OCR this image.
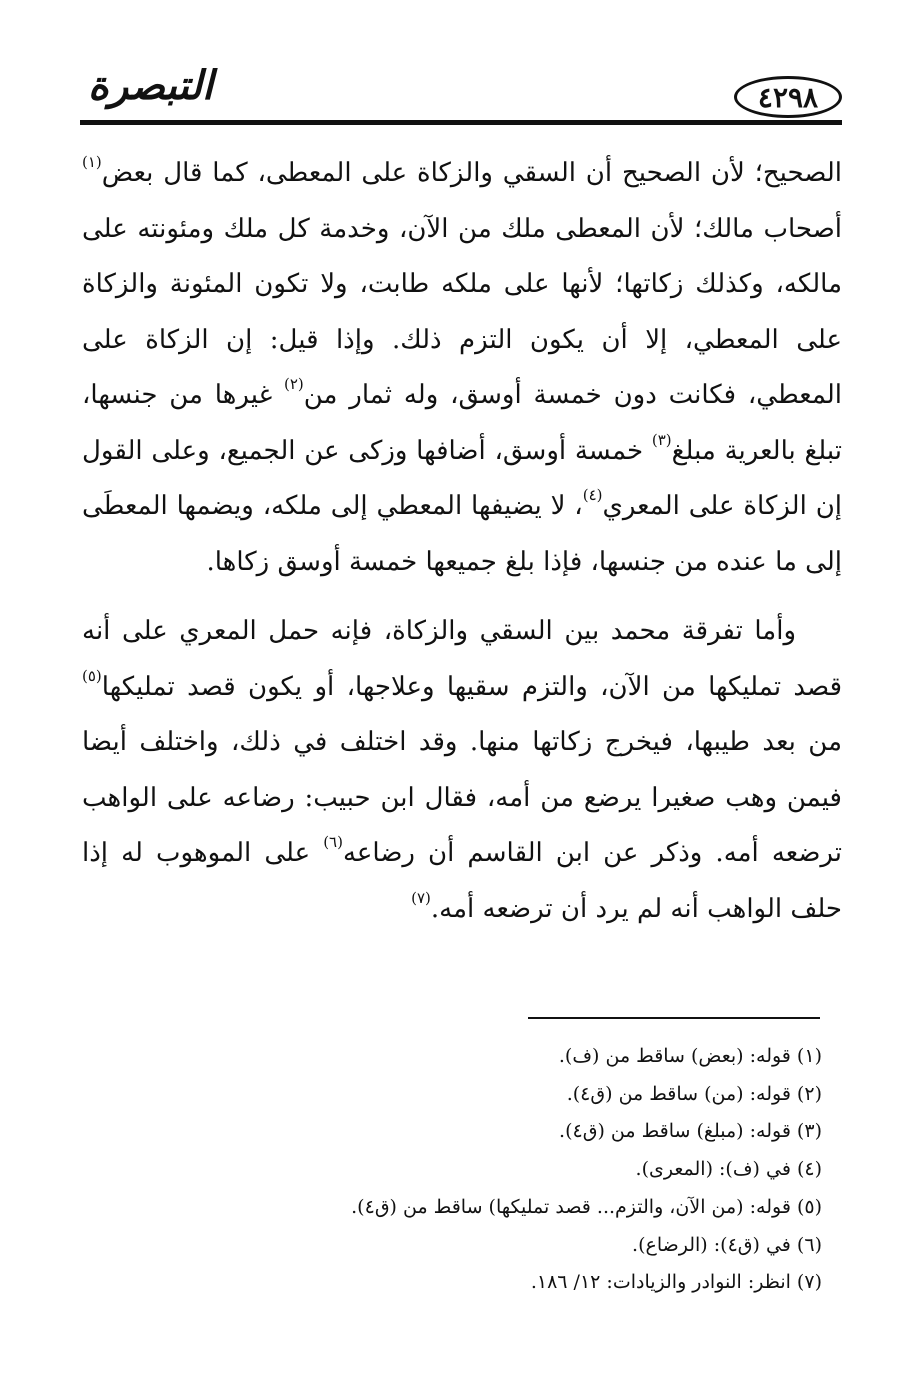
التبصرة	٤٢٩٨

الصحيح؛ لأن الصحيح أن السقي والزكاة على المعطى، كما قال بعض$^{(١)}$ أصحاب مالك؛ لأن المعطى ملك من الآن، وخدمة كل ملك ومئونته على مالكه، وكذلك زكاتها؛ لأنها على ملكه طابت، ولا تكون المئونة والزكاة على المعطي، إلا أن يكون التزم ذلك. وإذا قيل: إن الزكاة على المعطي، فكانت دون خمسة أوسق، وله ثمار من$^{(٢)}$ غيرها من جنسها، تبلغ بالعرية مبلغ$^{(٣)}$ خمسة أوسق، أضافها وزكى عن الجميع، وعلى القول إن الزكاة على المعري$^{(٤)}$، لا يضيفها المعطي إلى ملكه، ويضمها المعطَى إلى ما عنده من جنسها، فإذا بلغ جميعها خمسة أوسق زكاها.

وأما تفرقة محمد بين السقي والزكاة، فإنه حمل المعري على أنه قصد تمليكها من الآن، والتزم سقيها وعلاجها، أو يكون قصد تمليكها$^{(٥)}$ من بعد طيبها، فيخرج زكاتها منها. وقد اختلف في ذلك، واختلف أيضا فيمن وهب صغيرا يرضع من أمه، فقال ابن حبيب: رضاعه على الواهب ترضعه أمه. وذكر عن ابن القاسم أن رضاعه$^{(٦)}$ على الموهوب له إذا حلف الواهب أنه لم يرد أن ترضعه أمه.$^{(٧)}$

(١) قوله: (بعض) ساقط من (ف).
(٢) قوله: (من) ساقط من (ق٤).
(٣) قوله: (مبلغ) ساقط من (ق٤).
(٤) في (ف): (المعرى).
(٥) قوله: (من الآن، والتزم... قصد تمليكها) ساقط من (ق٤).
(٦) في (ق٤): (الرضاع).
(٧) انظر: النوادر والزيادات: ١٢/ ١٨٦.
